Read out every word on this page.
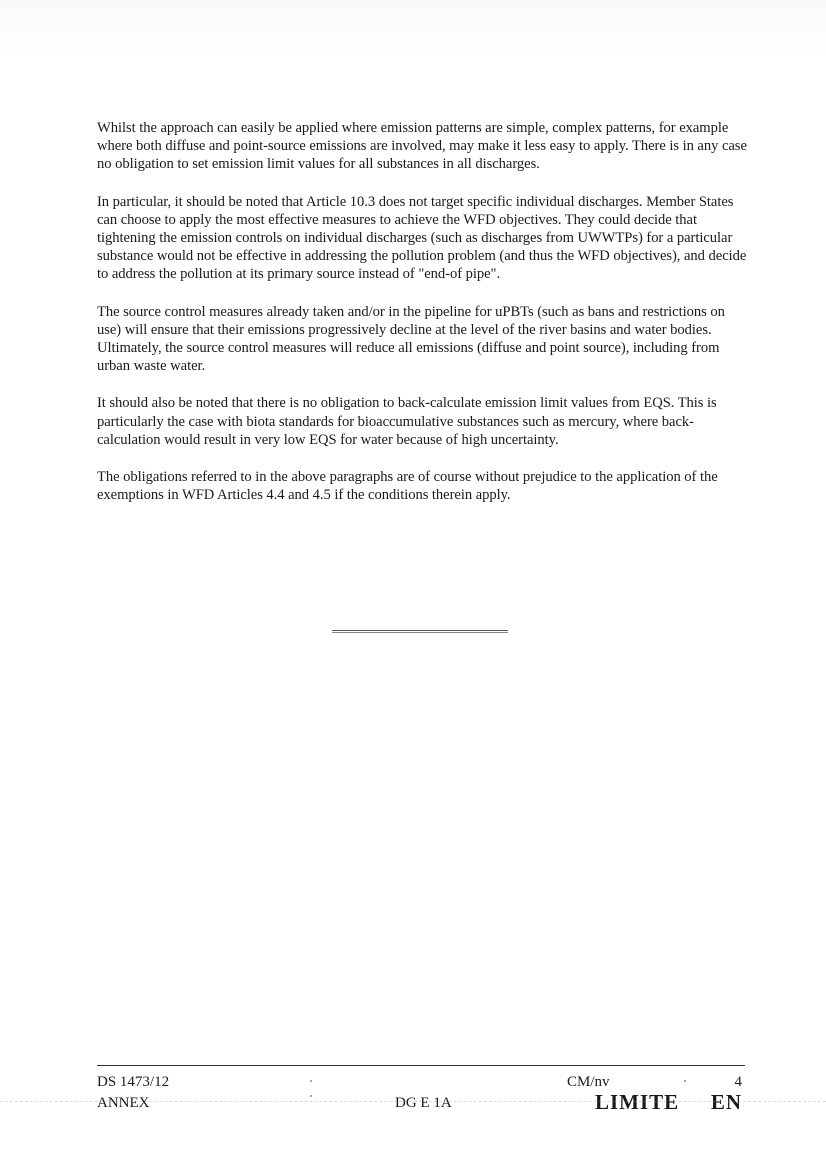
Whilst the approach can easily be applied where emission patterns are simple, complex patterns, for example where both diffuse and point-source emissions are involved, may make it less easy to apply. There is in any case no obligation to set emission limit values for all substances in all discharges.

In particular, it should be noted that Article 10.3 does not target specific individual discharges. Member States can choose to apply the most effective measures to achieve the WFD objectives. They could decide that tightening the emission controls on individual discharges (such as discharges from UWWTPs) for a particular substance would not be effective in addressing the pollution problem (and thus the WFD objectives), and decide to address the pollution at its primary source instead of "end-of pipe".

The source control measures already taken and/or in the pipeline for uPBTs (such as bans and restrictions on use) will ensure that their emissions progressively decline at the level of the river basins and water bodies. Ultimately, the source control measures will reduce all emissions (diffuse and point source), including from urban waste water.

It should also be noted that there is no obligation to back-calculate emission limit values from EQS. This is particularly the case with biota standards for bioaccumulative substances such as mercury, where back-calculation would result in very low EQS for water because of high uncertainty.

The obligations referred to in the above paragraphs are of course without prejudice to the application of the exemptions in WFD Articles 4.4 and 4.5 if the conditions therein apply.

DS 1473/12
ANNEX
CM/nv	4
DG E 1A	LIMITE EN
